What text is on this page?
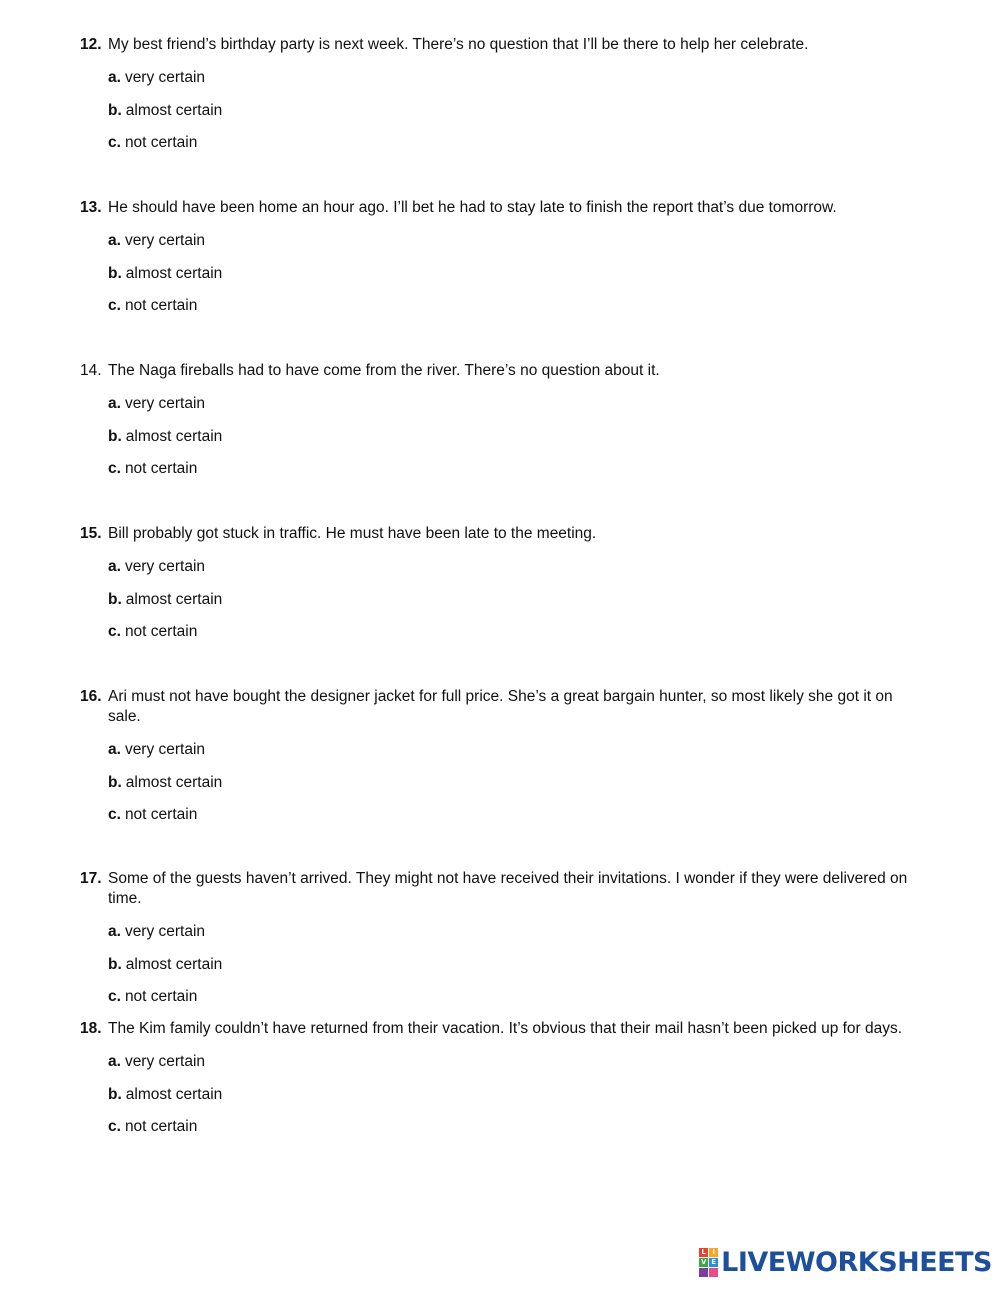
12. My best friend’s birthday party is next week. There’s no question that I’ll be there to help her celebrate.
a. very certain
b. almost certain
c. not certain
13. He should have been home an hour ago. I’ll bet he had to stay late to finish the report that’s due tomorrow.
a. very certain
b. almost certain
c. not certain
14. The Naga fireballs had to have come from the river. There’s no question about it.
a. very certain
b. almost certain
c. not certain
15. Bill probably got stuck in traffic. He must have been late to the meeting.
a. very certain
b. almost certain
c. not certain
16. Ari must not have bought the designer jacket for full price. She’s a great bargain hunter, so most likely she got it on sale.
a. very certain
b. almost certain
c. not certain
17. Some of the guests haven’t arrived. They might not have received their invitations. I wonder if they were delivered on time.
a. very certain
b. almost certain
c. not certain
18. The Kim family couldn’t have returned from their vacation. It’s obvious that their mail hasn’t been picked up for days.
a. very certain
b. almost certain
c. not certain
L I
V E LIVEWORKSHEETS
